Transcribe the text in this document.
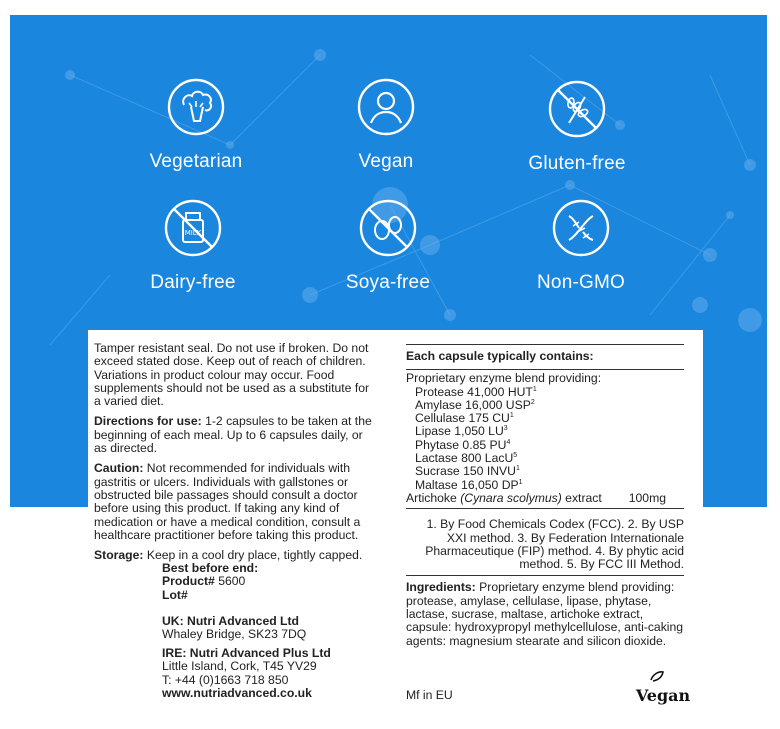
Vegetarian	Vegan	Gluten-free
MILK
Dairy-free	Soya-free	Non-GMO

Tamper resistant seal. Do not use if broken. Do not exceed stated dose. Keep out of reach of children. Variations in product colour may occur. Food supplements should not be used as a substitute for a varied diet.

Directions for use: 1-2 capsules to be taken at the beginning of each meal. Up to 6 capsules daily, or as directed.

Caution: Not recommended for individuals with gastritis or ulcers. Individuals with gallstones or obstructed bile passages should consult a doctor before using this product. If taking any kind of medication or have a medical condition, consult a healthcare practitioner before taking this product.

Storage: Keep in a cool dry place, tightly capped.

Best before end:
Product# 5600
Lot#
UK: Nutri Advanced Ltd
Whaley Bridge, SK23 7DQ
IRE: Nutri Advanced Plus Ltd
Little Island, Cork, T45 YV29
T: +44 (0)1663 718 850
www.nutriadvanced.co.uk
Each capsule typically contains:
Proprietary enzyme blend providing:
Protease 41,000 HUT$^1$
Amylase 16,000 USP$^2$
Cellulase 175 $CU^1$
Lipase 1,050 $LU^3$
Phytase 0.85 $PU^4$
Lactase 800 LacU$^5$
Sucrase 150 INVU$^1$
Maltase 16,050 $DP^1$
Artichoke (Cynara scolymus) extract 100mg
1. By Food Chemicals Codex (FCC). 2. By USP XXI method. 3. By Federation Internationale Pharmaceutique (FIP) method. 4. By phytic acid method. 5. By FCC III Method.
Ingredients: Proprietary enzyme blend providing: protease, amylase, cellulase, lipase, phytase, lactase, sucrase, maltase, artichoke extract, capsule: hydroxypropyl methylcellulose, anti-caking agents: magnesium stearate and silicon dioxide.
Mf in EU	Vegan
